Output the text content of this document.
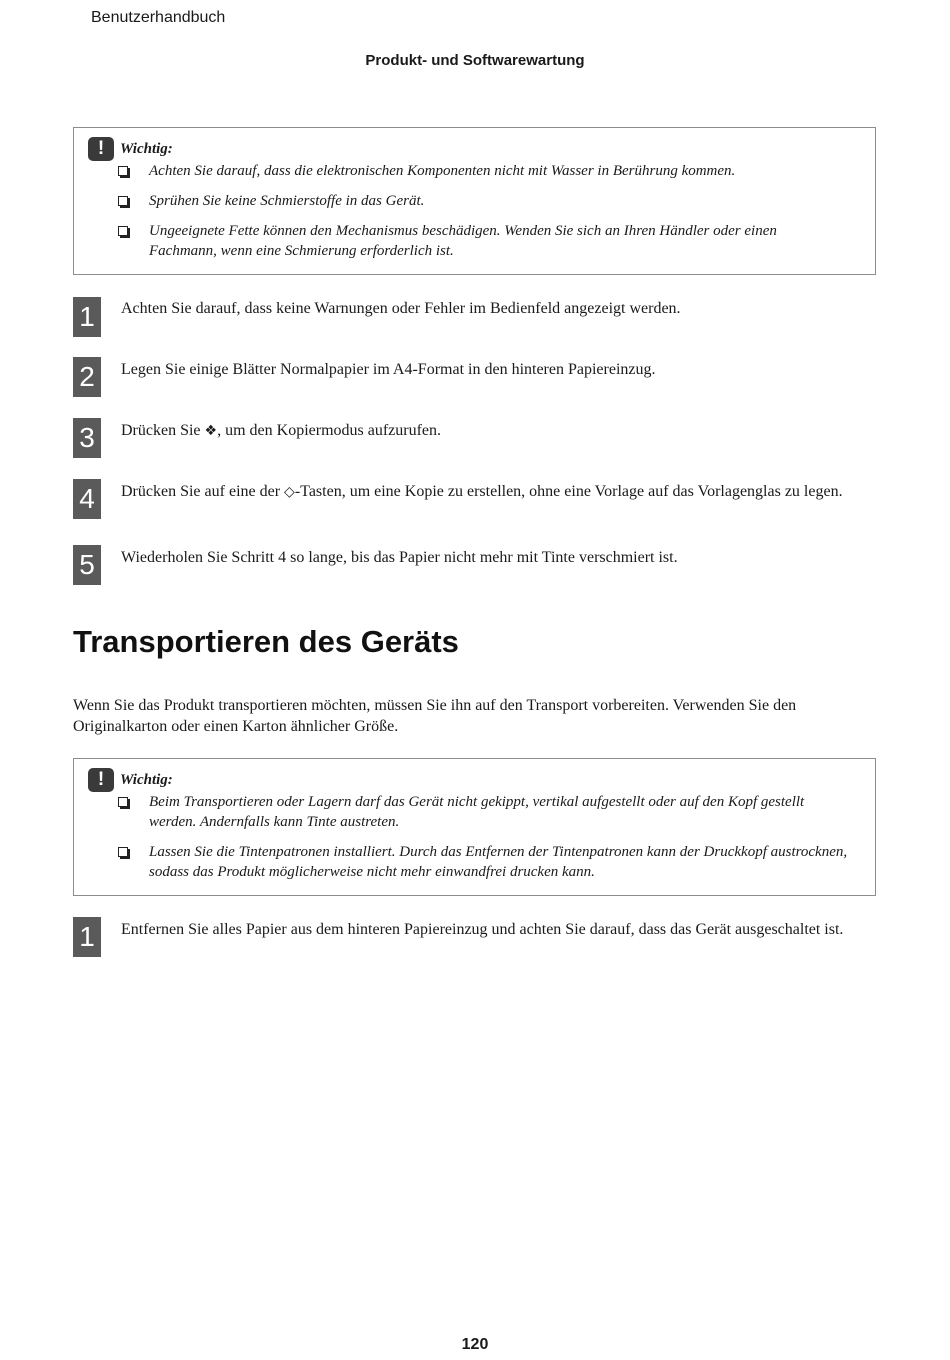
Benutzerhandbuch
Produkt- und Softwarewartung
!	Wichtig:
Achten Sie darauf, dass die elektronischen Komponenten nicht mit Wasser in Berührung kommen.
Sprühen Sie keine Schmierstoffe in das Gerät.
Ungeeignete Fette können den Mechanismus beschädigen. Wenden Sie sich an Ihren Händler oder einen Fachmann, wenn eine Schmierung erforderlich ist.
1	Achten Sie darauf, dass keine Warnungen oder Fehler im Bedienfeld angezeigt werden.
2	Legen Sie einige Blätter Normalpapier im A4-Format in den hinteren Papiereinzug.
3	Drücken Sie ❖, um den Kopiermodus aufzurufen.
4	Drücken Sie auf eine der ◇-Tasten, um eine Kopie zu erstellen, ohne eine Vorlage auf das Vorlagenglas zu legen.
5	Wiederholen Sie Schritt 4 so lange, bis das Papier nicht mehr mit Tinte verschmiert ist.
Transportieren des Geräts
Wenn Sie das Produkt transportieren möchten, müssen Sie ihn auf den Transport vorbereiten. Verwenden Sie den Originalkarton oder einen Karton ähnlicher Größe.
!	Wichtig:
Beim Transportieren oder Lagern darf das Gerät nicht gekippt, vertikal aufgestellt oder auf den Kopf gestellt werden. Andernfalls kann Tinte austreten.
Lassen Sie die Tintenpatronen installiert. Durch das Entfernen der Tintenpatronen kann der Druckkopf austrocknen, sodass das Produkt möglicherweise nicht mehr einwandfrei drucken kann.
1	Entfernen Sie alles Papier aus dem hinteren Papiereinzug und achten Sie darauf, dass das Gerät ausgeschaltet ist.
120
